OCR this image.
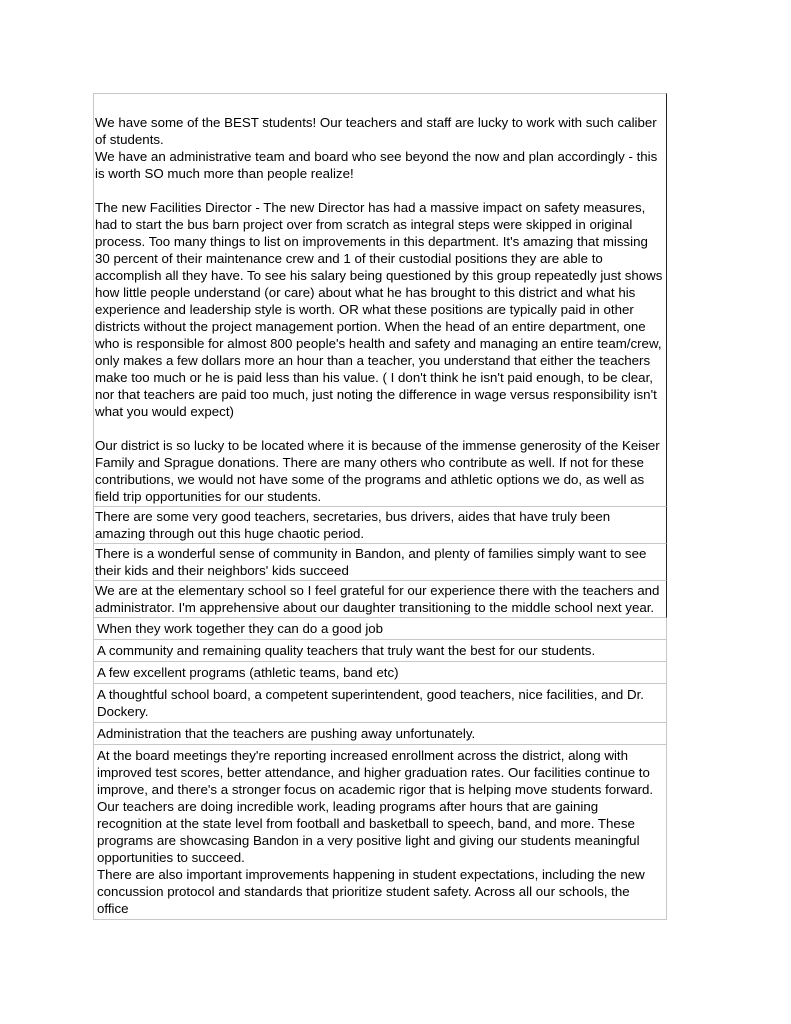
We have some of the BEST students! Our teachers and staff are lucky to work with such caliber of students.
We have an administrative team and board who see beyond the now and plan accordingly - this is worth SO much more than people realize!
The new Facilities Director - The new Director has had a massive impact on safety measures, had to start the bus barn project over from scratch as integral steps were skipped in original process. Too many things to list on improvements in this department. It's amazing that missing 30 percent of their maintenance crew and 1 of their custodial positions they are able to accomplish all they have. To see his salary being questioned by this group repeatedly just shows how little people understand (or care) about what he has brought to this district and what his experience and leadership style is worth. OR what these positions are typically paid in other districts without the project management portion. When the head of an entire department, one who is responsible for almost 800 people's health and safety and managing an entire team/crew, only makes a few dollars more an hour than a teacher, you understand that either the teachers make too much or he is paid less than his value. ( I don't think he isn't paid enough, to be clear, nor that teachers are paid too much, just noting the difference in wage versus responsibility isn't what you would expect)
Our district is so lucky to be located where it is because of the immense generosity of the Keiser Family and Sprague donations. There are many others who contribute as well. If not for these contributions, we would not have some of the programs and athletic options we do, as well as field trip opportunities for our students.
There are some very good teachers, secretaries, bus drivers, aides that have truly been amazing through out this huge chaotic period.
There is a wonderful sense of community in Bandon, and plenty of families simply want to see their kids and their neighbors' kids succeed
We are at the elementary school so I feel grateful for our experience there with the teachers and administrator. I'm apprehensive about our daughter transitioning to the middle school next year.
When they work together they can do a good job
A community and remaining quality teachers that truly want the best for our students.
A few excellent programs (athletic teams, band etc)
A thoughtful school board, a competent superintendent, good teachers, nice facilities, and Dr. Dockery.
Administration that the teachers are pushing away unfortunately.
At the board meetings they're reporting increased enrollment across the district, along with improved test scores, better attendance, and higher graduation rates. Our facilities continue to improve, and there's a stronger focus on academic rigor that is helping move students forward. Our teachers are doing incredible work, leading programs after hours that are gaining recognition at the state level from football and basketball to speech, band, and more. These programs are showcasing Bandon in a very positive light and giving our students meaningful opportunities to succeed.
There are also important improvements happening in student expectations, including the new concussion protocol and standards that prioritize student safety. Across all our schools, the office
